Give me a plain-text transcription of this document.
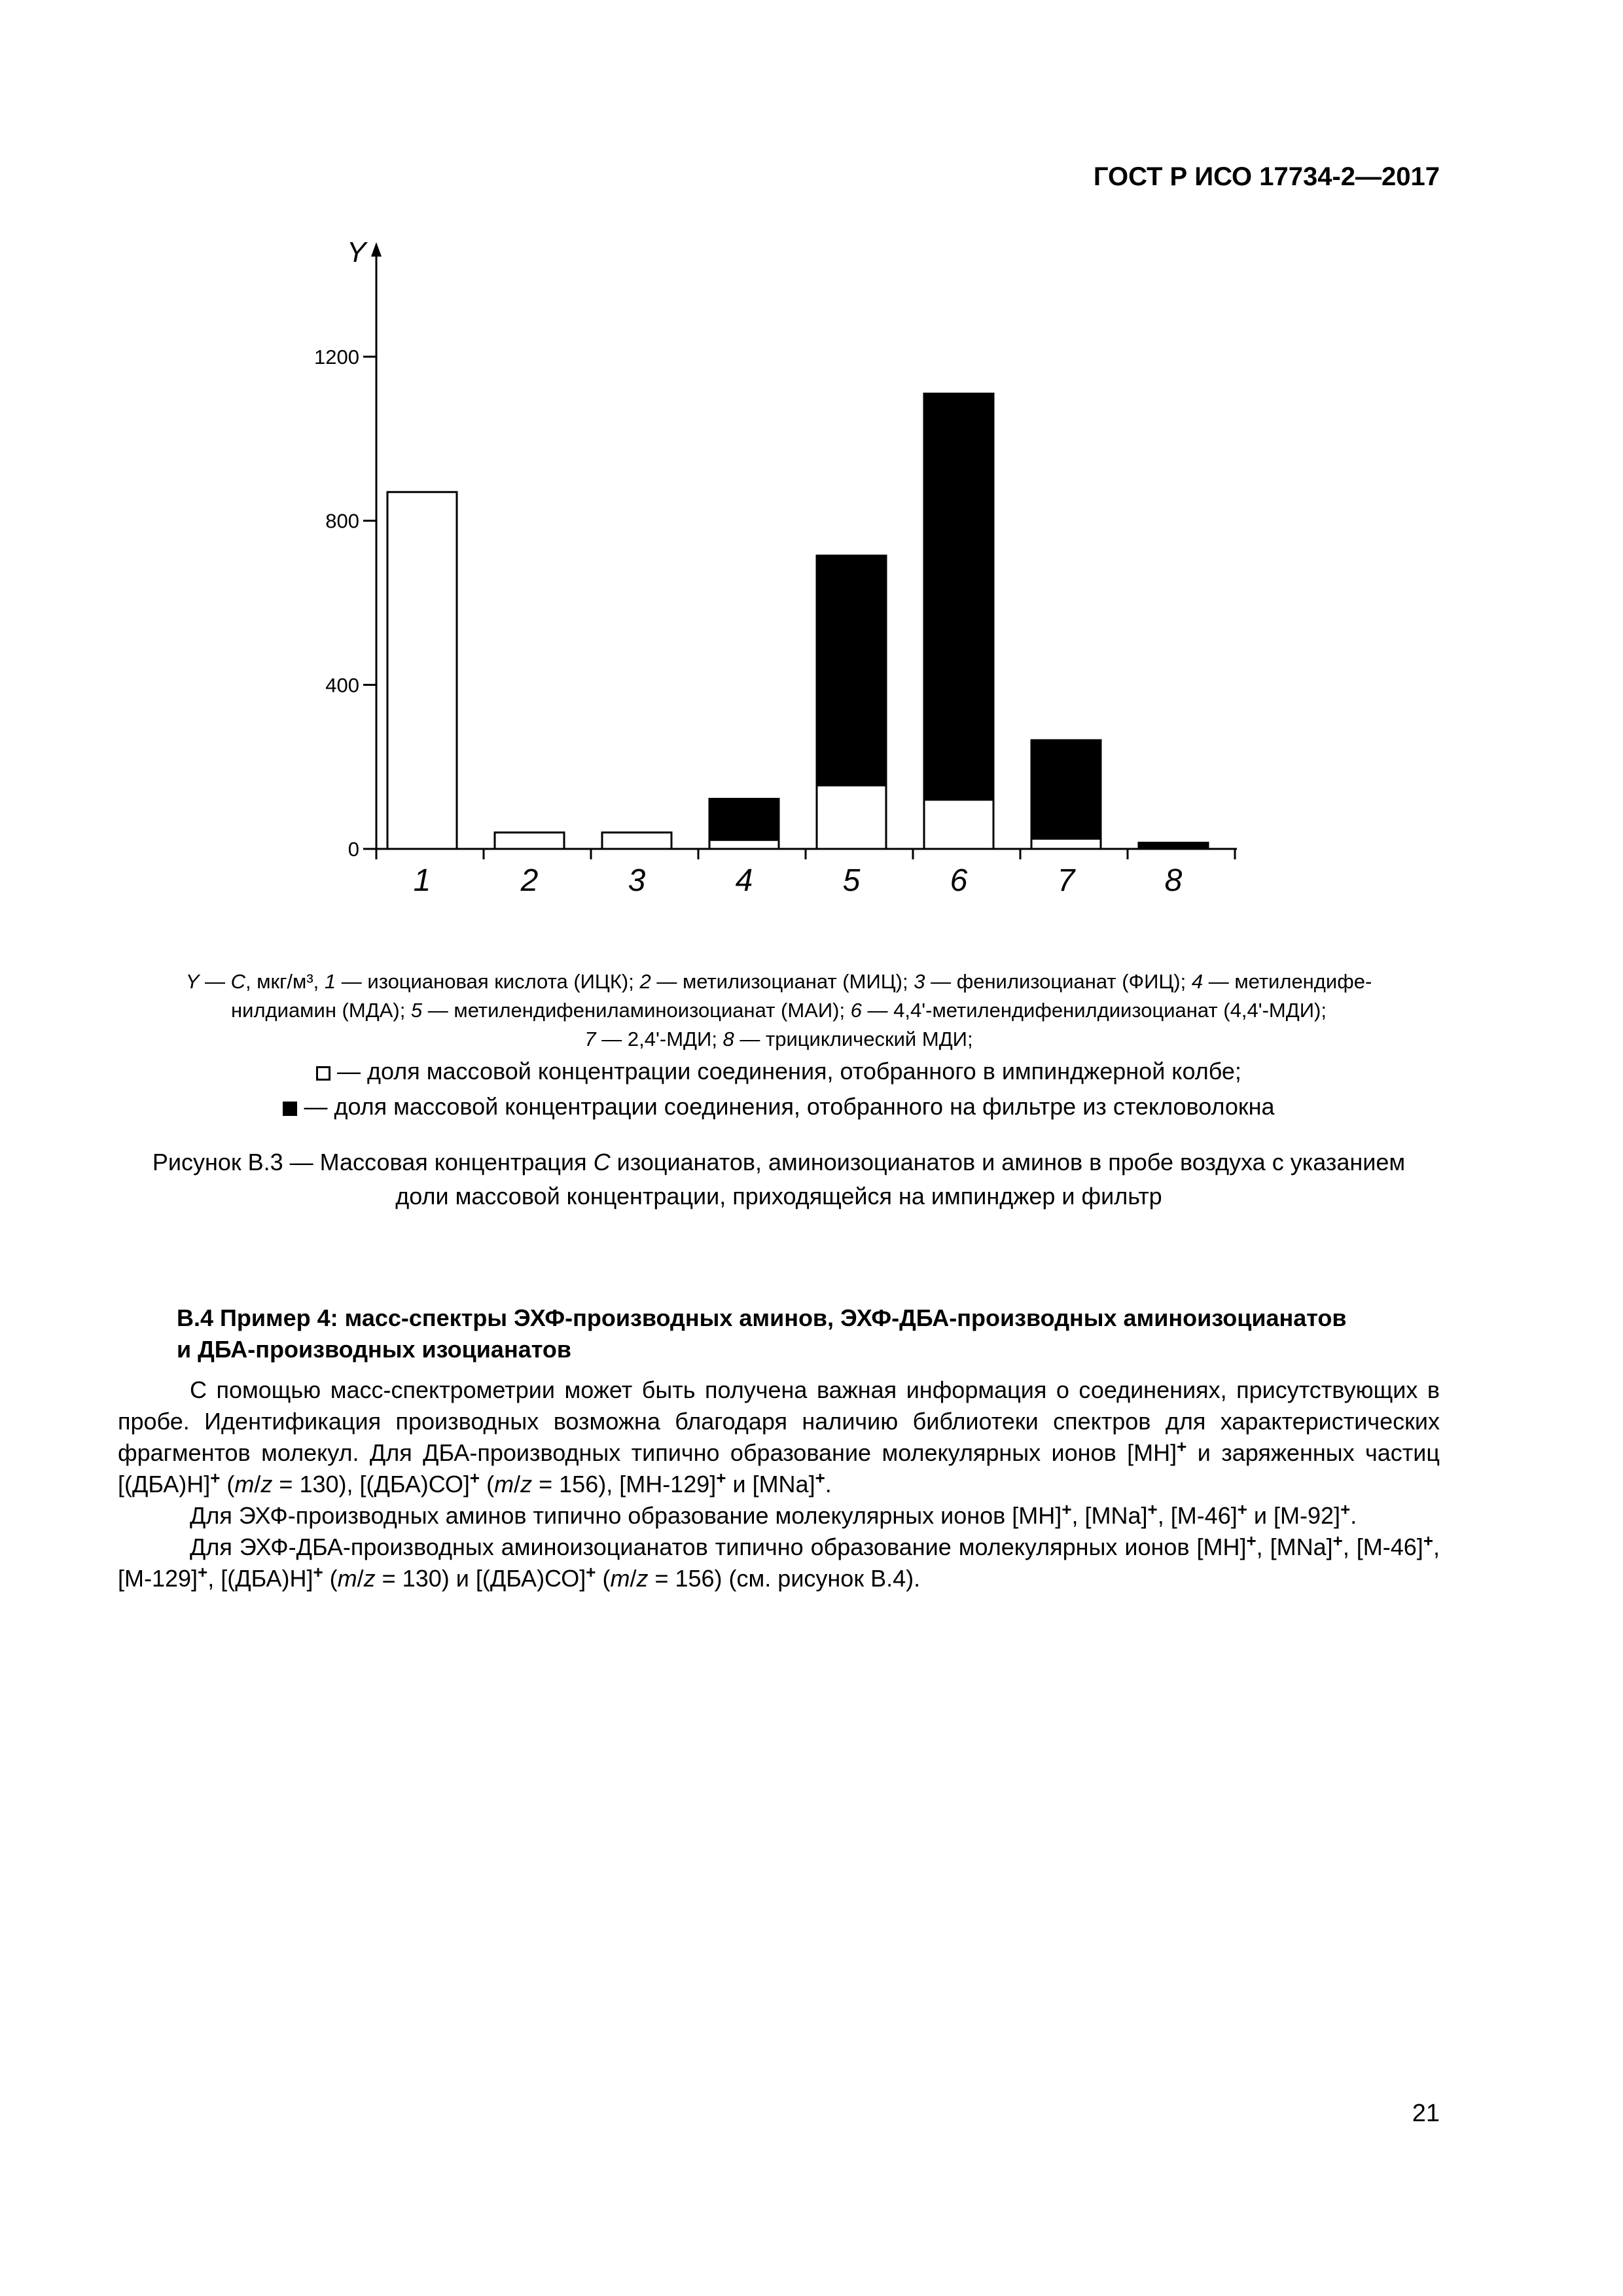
ГОСТ Р ИСО 17734-2—2017
Y
0
400
800
1200
1	2	3	4	5	6	7	8
Y — C, мкг/м³, 1 — изоциановая кислота (ИЦК); 2 — метилизоцианат (МИЦ); 3 — фенилизоцианат (ФИЦ); 4 — метилендифе-
нилдиамин (МДА); 5 — метилендифениламиноизоцианат (МАИ); 6 — 4,4'-метилендифенилдиизоцианат (4,4'-МДИ);
7 — 2,4'-МДИ; 8 — трициклический МДИ;
— доля массовой концентрации соединения, отобранного в импинджерной колбе;
— доля массовой концентрации соединения, отобранного на фильтре из стекловолокна
Рисунок В.3 — Массовая концентрация C изоцианатов, аминоизоцианатов и аминов в пробе воздуха с указанием
доли массовой концентрации, приходящейся на импинджер и фильтр
В.4 Пример 4: масс-спектры ЭХФ-производных аминов, ЭХФ-ДБА-производных аминоизоцианатов
и ДБА-производных изоцианатов

С помощью масс-спектрометрии может быть получена важная информация о соединениях, присутствующих в пробе. Идентификация производных возможна благодаря наличию библиотеки спектров для характеристических фрагментов молекул. Для ДБА-производных типично образование молекулярных ионов [МН]+ и заряженных частиц [(ДБА)Н]+ (m/z = 130), [(ДБА)СО]+ (m/z = 156), [МН-129]+ и [MNa]+.

Для ЭХФ-производных аминов типично образование молекулярных ионов [МН]+, [MNa]+, [М-46]+ и [М-92]+.

Для ЭХФ-ДБА-производных аминоизоцианатов типично образование молекулярных ионов [МН]+, [MNa]+, [М-46]+, [М-129]+, [(ДБА)Н]+ (m/z = 130) и [(ДБА)СО]+ (m/z = 156) (см. рисунок В.4).

21
